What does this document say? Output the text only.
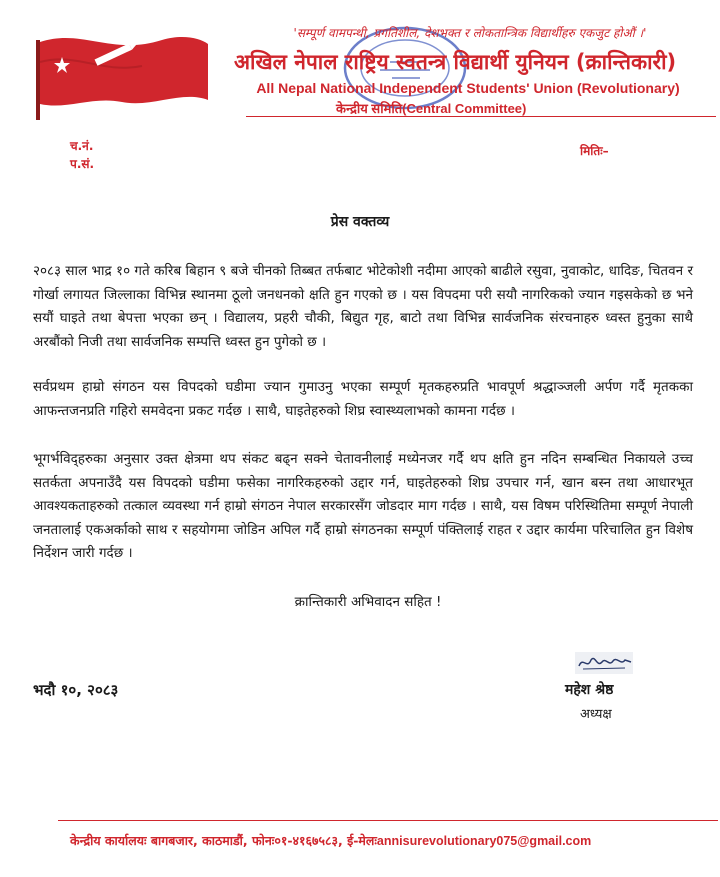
'सम्पूर्ण वामपन्थी, प्रगतिशील, देशभक्त र लोकतान्त्रिक विद्यार्थीहरु एकजुट होऔं ।'
अखिल नेपाल राष्ट्रिय स्वतन्त्र विद्यार्थी युनियन (क्रान्तिकारी)
All Nepal National Independent Students' Union (Revolutionary)
केन्द्रीय समिति(Central Committee)
च.नं.
प.सं.
मितिः–
प्रेस वक्तव्य

२०८३ साल भाद्र १० गते करिब बिहान ९ बजे चीनको तिब्बत तर्फबाट भोटेकोशी नदीमा आएको बाढीले रसुवा, नुवाकोट, धादिङ, चितवन र गोर्खा लगायत जिल्लाका विभिन्न स्थानमा ठूलो जनधनको क्षति हुन गएको छ । यस विपदमा परी सयौ नागरिकको ज्यान गइसकेको छ भने सयौं घाइते तथा बेपत्ता भएका छन् । विद्यालय, प्रहरी चौकी, बिद्युत गृह, बाटो तथा विभिन्न सार्वजनिक संरचनाहरु ध्वस्त हुनुका साथै अरबौंको निजी तथा सार्वजनिक सम्पत्ति ध्वस्त हुन पुगेको छ ।

सर्वप्रथम हाम्रो संगठन यस विपदको घडीमा ज्यान गुमाउनु भएका सम्पूर्ण मृतकहरुप्रति भावपूर्ण श्रद्धाञ्जली अर्पण गर्दै मृतकका आफन्तजनप्रति गहिरो समवेदना प्रकट गर्दछ । साथै, घाइतेहरुको शिघ्र स्वास्थ्यलाभको कामना गर्दछ ।

भूगर्भविद्हरुका अनुसार उक्त क्षेत्रमा थप संकट बढ्न सक्ने चेतावनीलाई मध्येनजर गर्दै थप क्षति हुन नदिन सम्बन्धित निकायले उच्च सतर्कता अपनाउँदै यस विपदको घडीमा फसेका नागरिकहरुको उद्दार गर्न, घाइतेहरुको शिघ्र उपचार गर्न, खान बस्न तथा आधारभूत आवश्यकताहरुको तत्काल व्यवस्था गर्न हाम्रो संगठन नेपाल सरकारसँग जोडदार माग गर्दछ । साथै, यस विषम परिस्थितिमा सम्पूर्ण नेपाली जनतालाई एकअर्काको साथ र सहयोगमा जोडिन अपिल गर्दै हाम्रो संगठनका सम्पूर्ण पंक्तिलाई राहत र उद्दार कार्यमा परिचालित हुन विशेष निर्देशन जारी गर्दछ ।

क्रान्तिकारी अभिवादन सहित !
भदौ १०, २०८३	महेश श्रेष्ठ
अध्यक्ष
केन्द्रीय कार्यालयः बागबजार, काठमाडौं, फोनः०१-४१६७५८३, ई-मेलःannisurevolutionary075@gmail.com
